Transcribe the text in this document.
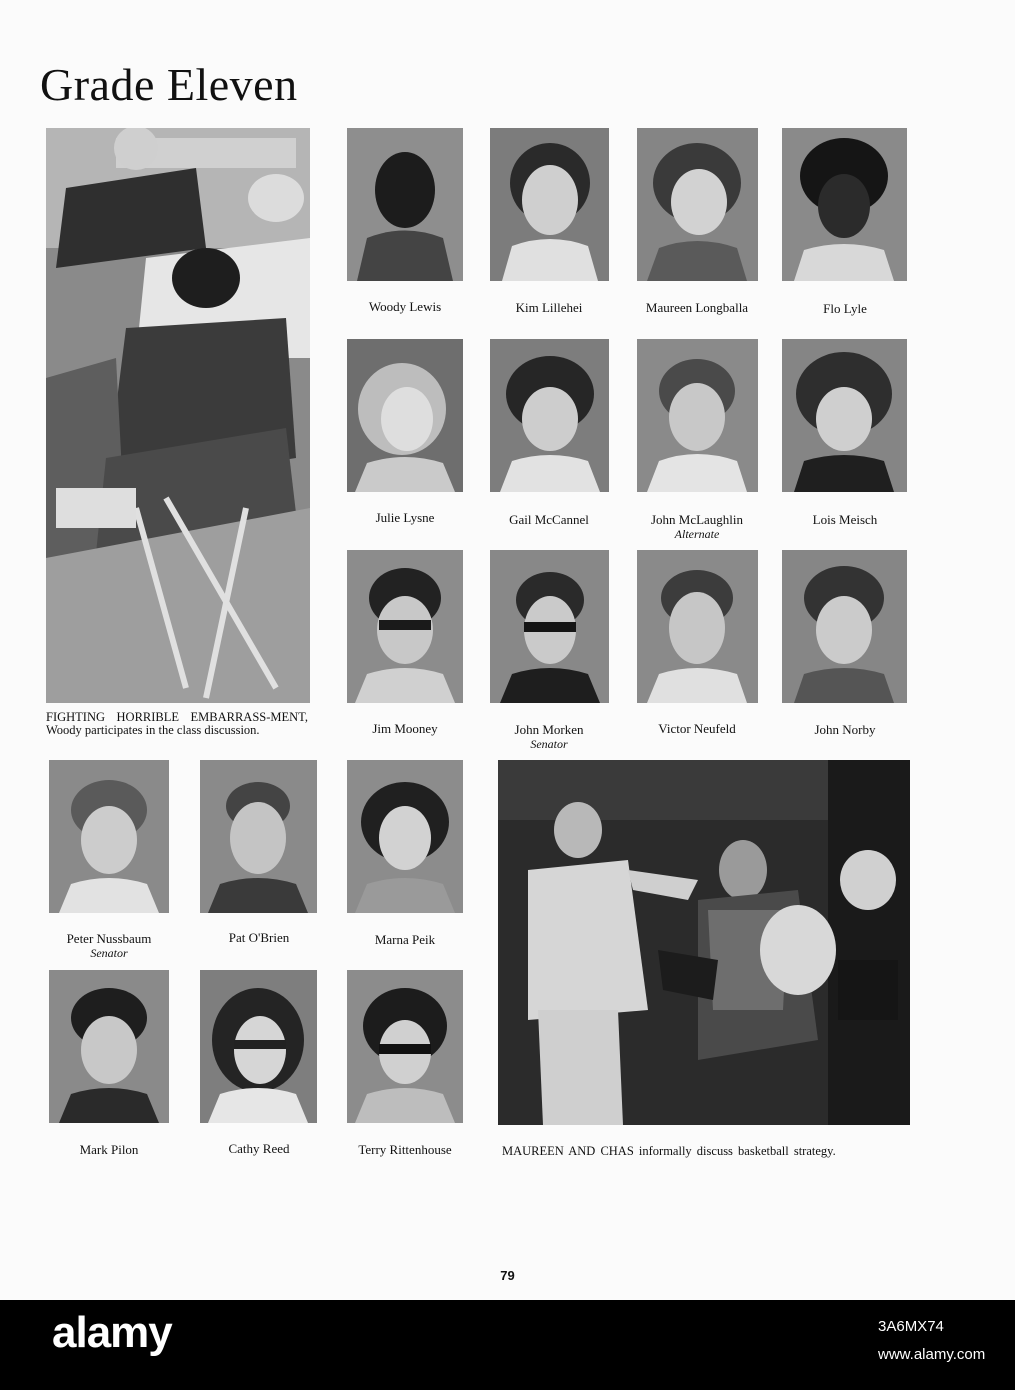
Grade Eleven
FIGHTING HORRIBLE EMBARRASS-MENT, Woody participates in the class discussion.
Woody Lewis	Kim Lillehei	Maureen Longballa	Flo Lyle
Julie Lysne	Gail McCannel	John McLaughlin
Alternate
Lois Meisch
Jim Mooney	John Morken
Senator
Victor Neufeld	John Norby
Peter Nussbaum
Senator
Pat O'Brien	Marna Peik
MAUREEN AND CHAS informally discuss basketball strategy.
Mark Pilon	Cathy Reed	Terry Rittenhouse
79
alamy	3A6MX74
www.alamy.com
